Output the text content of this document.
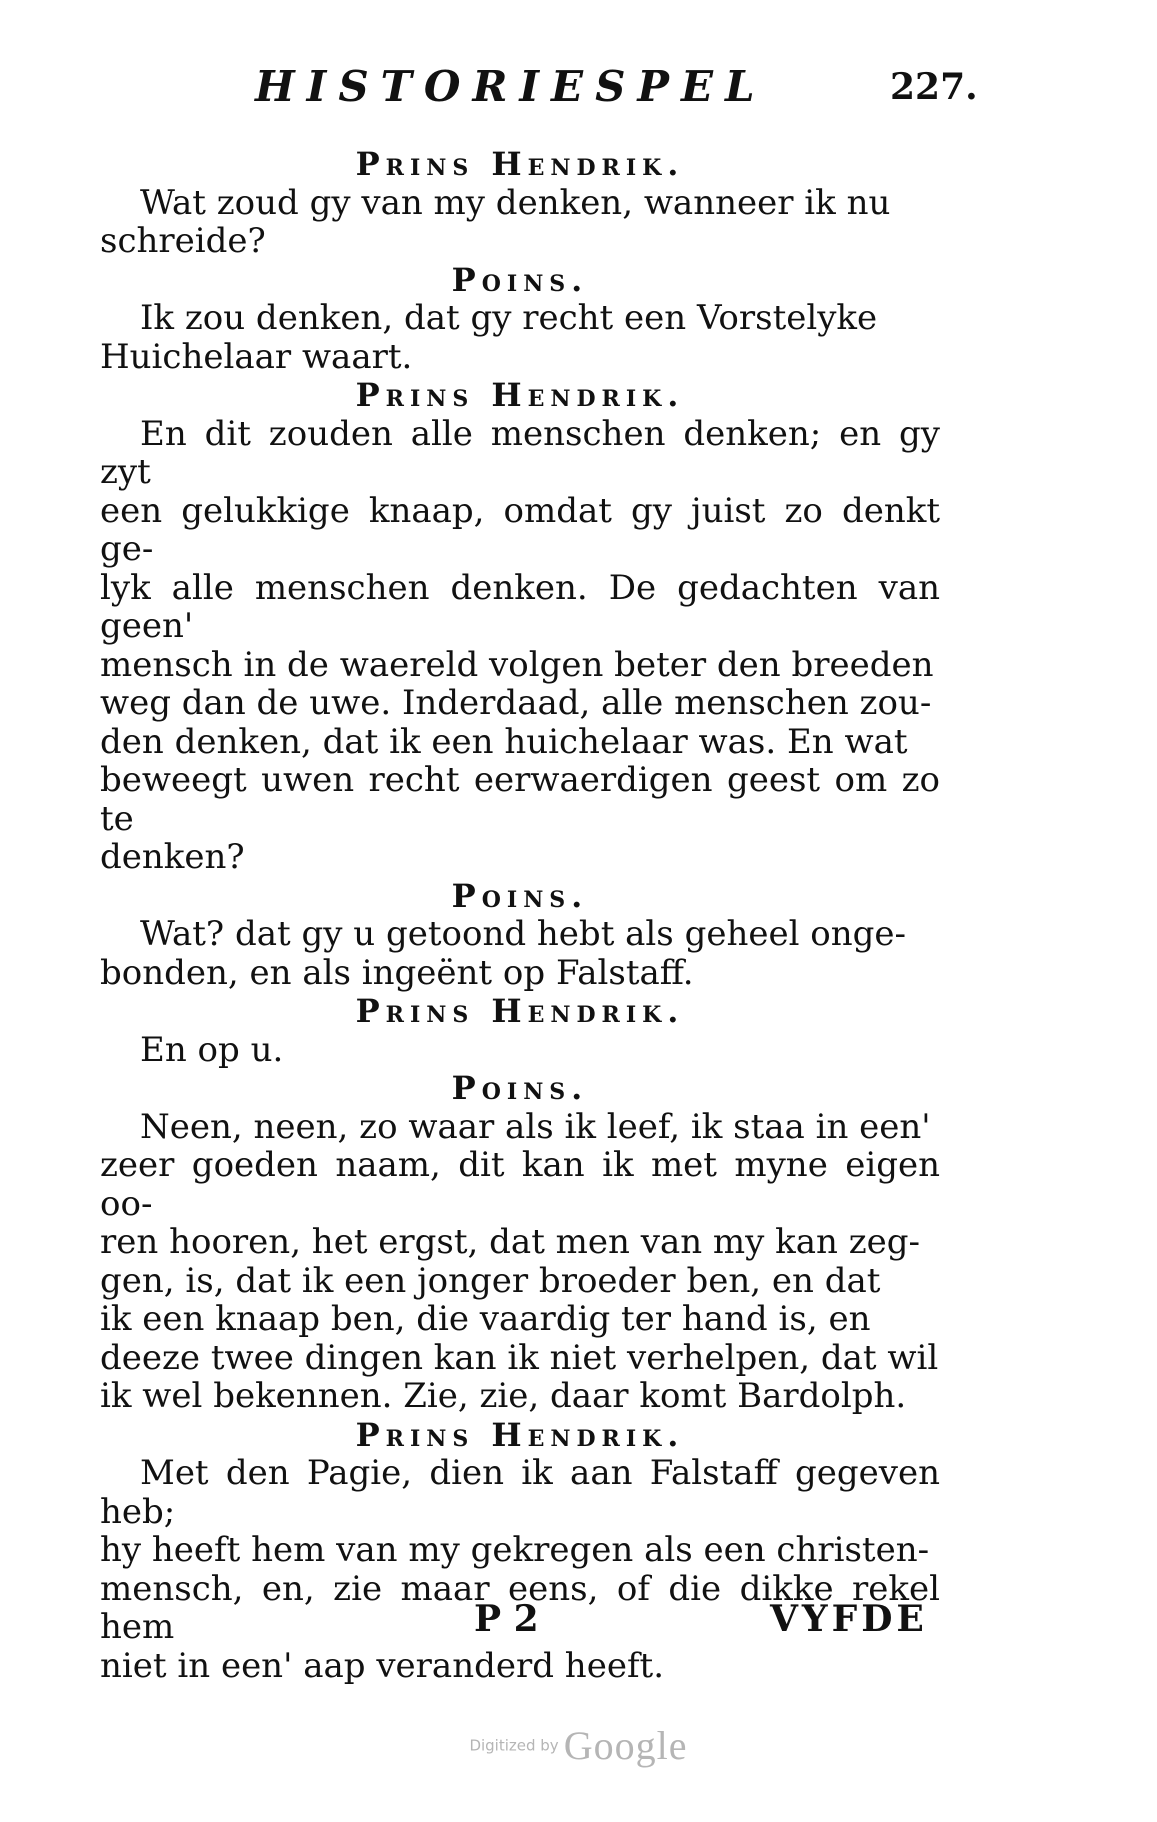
HISTORIESPEL	227.
Prins Hendrik.
Wat zoud gy van my denken, wanneer ik nu
schreide?
Poins.
Ik zou denken, dat gy recht een Vorstelyke
Huichelaar waart.
Prins Hendrik.
En dit zouden alle menschen denken; en gy zyt
een gelukkige knaap, omdat gy juist zo denkt ge-
lyk alle menschen denken. De gedachten van geen'
mensch in de waereld volgen beter den breeden
weg dan de uwe. Inderdaad, alle menschen zou-
den denken, dat ik een huichelaar was. En wat
beweegt uwen recht eerwaerdigen geest om zo te
denken?
Poins.
Wat? dat gy u getoond hebt als geheel onge-
bonden, en als ingeënt op Falstaff.
Prins Hendrik.
En op u.
Poins.
Neen, neen, zo waar als ik leef, ik staa in een'
zeer goeden naam, dit kan ik met myne eigen oo-
ren hooren, het ergst, dat men van my kan zeg-
gen, is, dat ik een jonger broeder ben, en dat
ik een knaap ben, die vaardig ter hand is, en
deeze twee dingen kan ik niet verhelpen, dat wil
ik wel bekennen. Zie, zie, daar komt Bardolph.
Prins Hendrik.
Met den Pagie, dien ik aan Falstaff gegeven heb;
hy heeft hem van my gekregen als een christen-
mensch, en, zie maar eens, of die dikke rekel hem
niet in een' aap veranderd heeft.
P 2	VYFDE
Digitized by Google
